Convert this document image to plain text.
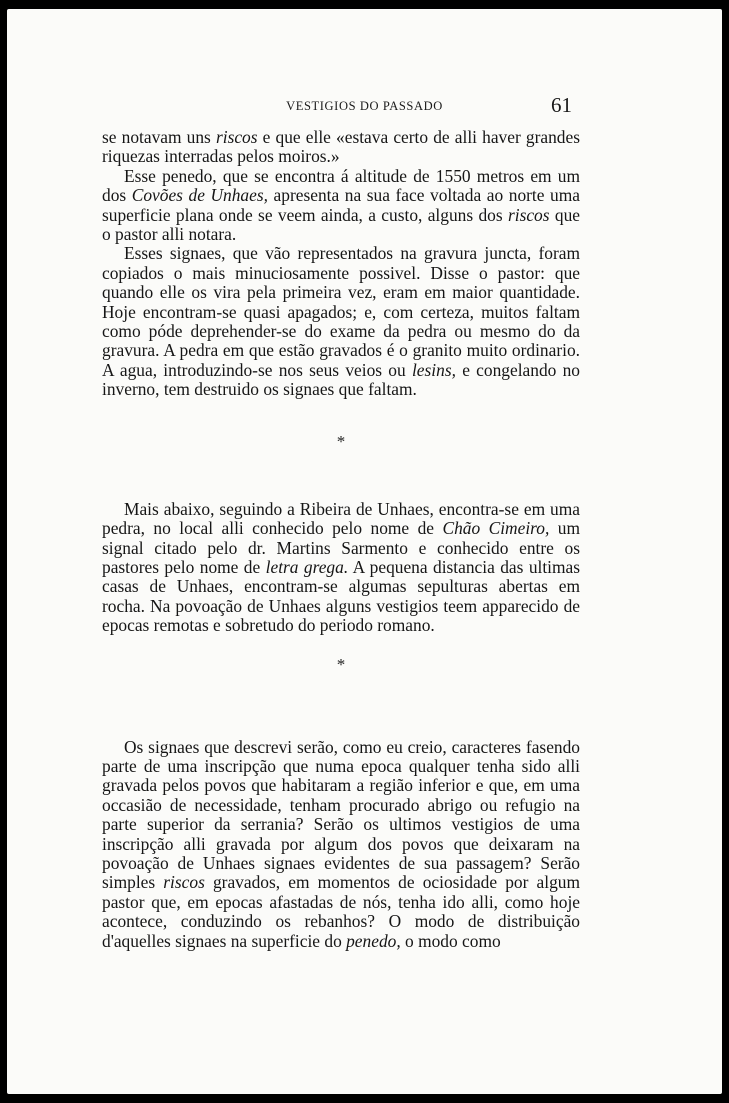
VESTIGIOS DO PASSADO	61

se notavam uns riscos e que elle «estava certo de alli haver grandes riquezas interradas pelos moiros.»

Esse penedo, que se encontra á altitude de 1550 metros em um dos Covões de Unhaes, apresenta na sua face voltada ao norte uma superficie plana onde se veem ainda, a custo, alguns dos riscos que o pastor alli notara.

Esses signaes, que vão representados na gravura juncta, foram copiados o mais minuciosamente possivel. Disse o pastor: que quando elle os vira pela primeira vez, eram em maior quantidade. Hoje encontram-se quasi apagados; e, com certeza, muitos faltam como póde deprehender-se do exame da pedra ou mesmo do da gravura. A pedra em que estão gravados é o granito muito ordinario. A agua, introduzindo-se nos seus veios ou lesins, e congelando no inverno, tem destruido os signaes que faltam.

*

Mais abaixo, seguindo a Ribeira de Unhaes, encontra-se em uma pedra, no local alli conhecido pelo nome de Chão Cimeiro, um signal citado pelo dr. Martins Sarmento e conhecido entre os pastores pelo nome de letra grega. A pequena distancia das ultimas casas de Unhaes, encontram-se algumas sepulturas abertas em rocha. Na povoação de Unhaes alguns vestigios teem apparecido de epocas remotas e sobretudo do periodo romano.

*

Os signaes que descrevi serão, como eu creio, caracteres fasendo parte de uma inscripção que numa epoca qualquer tenha sido alli gravada pelos povos que habitaram a região inferior e que, em uma occasião de necessidade, tenham procurado abrigo ou refugio na parte superior da serrania? Serão os ultimos vestigios de uma inscripção alli gravada por algum dos povos que deixaram na povoação de Unhaes signaes evidentes de sua passagem? Serão simples riscos gravados, em momentos de ociosidade por algum pastor que, em epocas afastadas de nós, tenha ido alli, como hoje acontece, conduzindo os rebanhos? O modo de distribuição d'aquelles signaes na superficie do penedo, o modo como
